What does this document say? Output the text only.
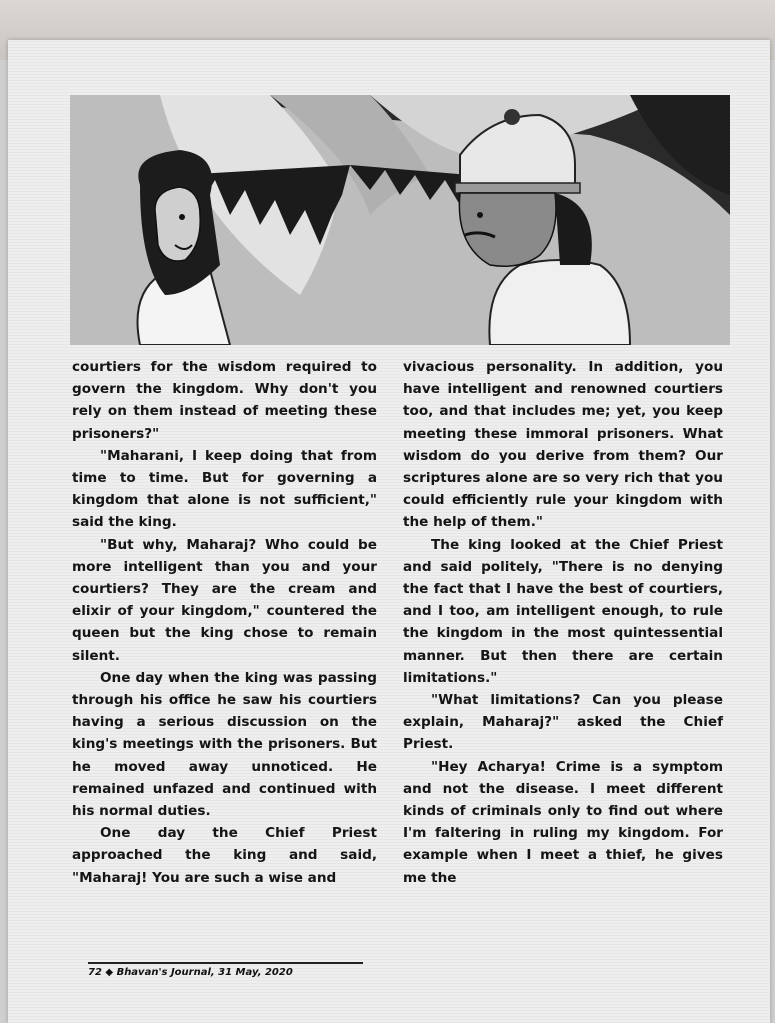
courtiers for the wisdom required to govern the kingdom. Why don't you rely on them instead of meeting these prisoners?"

"Maharani, I keep doing that from time to time. But for governing a kingdom that alone is not sufficient," said the king.

"But why, Maharaj? Who could be more intelligent than you and your courtiers? They are the cream and elixir of your kingdom," countered the queen but the king chose to remain silent.

One day when the king was passing through his office he saw his courtiers having a serious discussion on the king's meetings with the prisoners. But he moved away unnoticed. He remained unfazed and continued with his normal duties.

One day the Chief Priest approached the king and said, "Maharaj! You are such a wise and

vivacious personality. In addition, you have intelligent and renowned courtiers too, and that includes me; yet, you keep meeting these immoral prisoners. What wisdom do you derive from them? Our scriptures alone are so very rich that you could efficiently rule your kingdom with the help of them."

The king looked at the Chief Priest and said politely, "There is no denying the fact that I have the best of courtiers, and I too, am intelligent enough, to rule the kingdom in the most quintessential manner. But then there are certain limitations."

"What limitations? Can you please explain, Maharaj?" asked the Chief Priest.

"Hey Acharya! Crime is a symptom and not the disease. I meet different kinds of criminals only to find out where I'm faltering in ruling my kingdom. For example when I meet a thief, he gives me the

72 ◆ Bhavan's Journal, 31 May, 2020
